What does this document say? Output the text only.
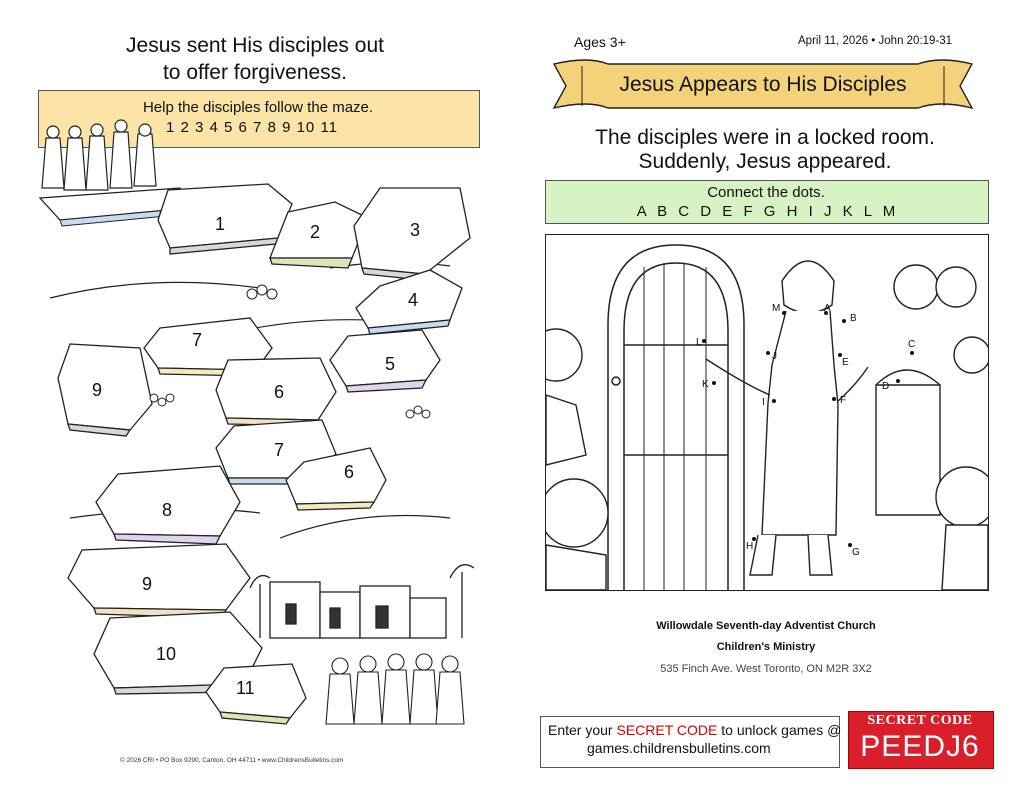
Jesus sent His disciples out
to offer forgiveness.
1	2	3
4
7
5
9	6
7
6
8
9
10
11
Help the disciples follow the maze.
1 2 3 4 5 6 7 8 9 10 11
© 2026 CRI • PO Box 9290, Canton, OH 44711 • www.ChildrensBulletins.com
Ages 3+	April 11, 2026 • John 20:19-31
Jesus Appears to His Disciples
The disciples were in a locked room.
Suddenly, Jesus appeared.
Connect the dots.
A B C D E F G H I J K L M
A
M
B
C
D
E
F
G
H
I
J
K
L
Willowdale Seventh-day Adventist Church
Children's Ministry
535 Finch Ave. West Toronto, ON M2R 3X2
Enter your SECRET CODE to unlock games @
games.childrensbulletins.com
SECRET CODE
PEEDJ6
